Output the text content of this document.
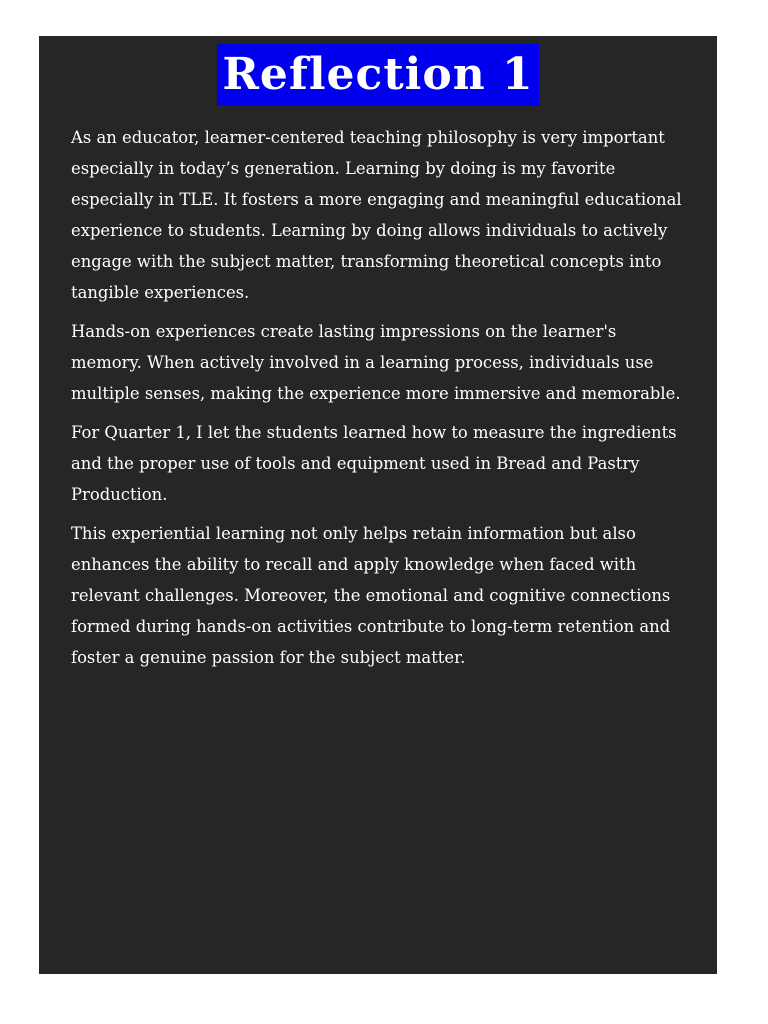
Reflection 1

As an educator, learner-centered teaching philosophy is very important especially in today’s generation. Learning by doing is my favorite especially in TLE. It fosters a more engaging and meaningful educational experience to students. Learning by doing allows individuals to actively engage with the subject matter, transforming theoretical concepts into tangible experiences.

Hands-on experiences create lasting impressions on the learner's memory. When actively involved in a learning process, individuals use multiple senses, making the experience more immersive and memorable.

For Quarter 1, I let the students learned how to measure the ingredients and the proper use of tools and equipment used in Bread and Pastry Production.

This experiential learning not only helps retain information but also enhances the ability to recall and apply knowledge when faced with relevant challenges. Moreover, the emotional and cognitive connections formed during hands-on activities contribute to long-term retention and foster a genuine passion for the subject matter.
